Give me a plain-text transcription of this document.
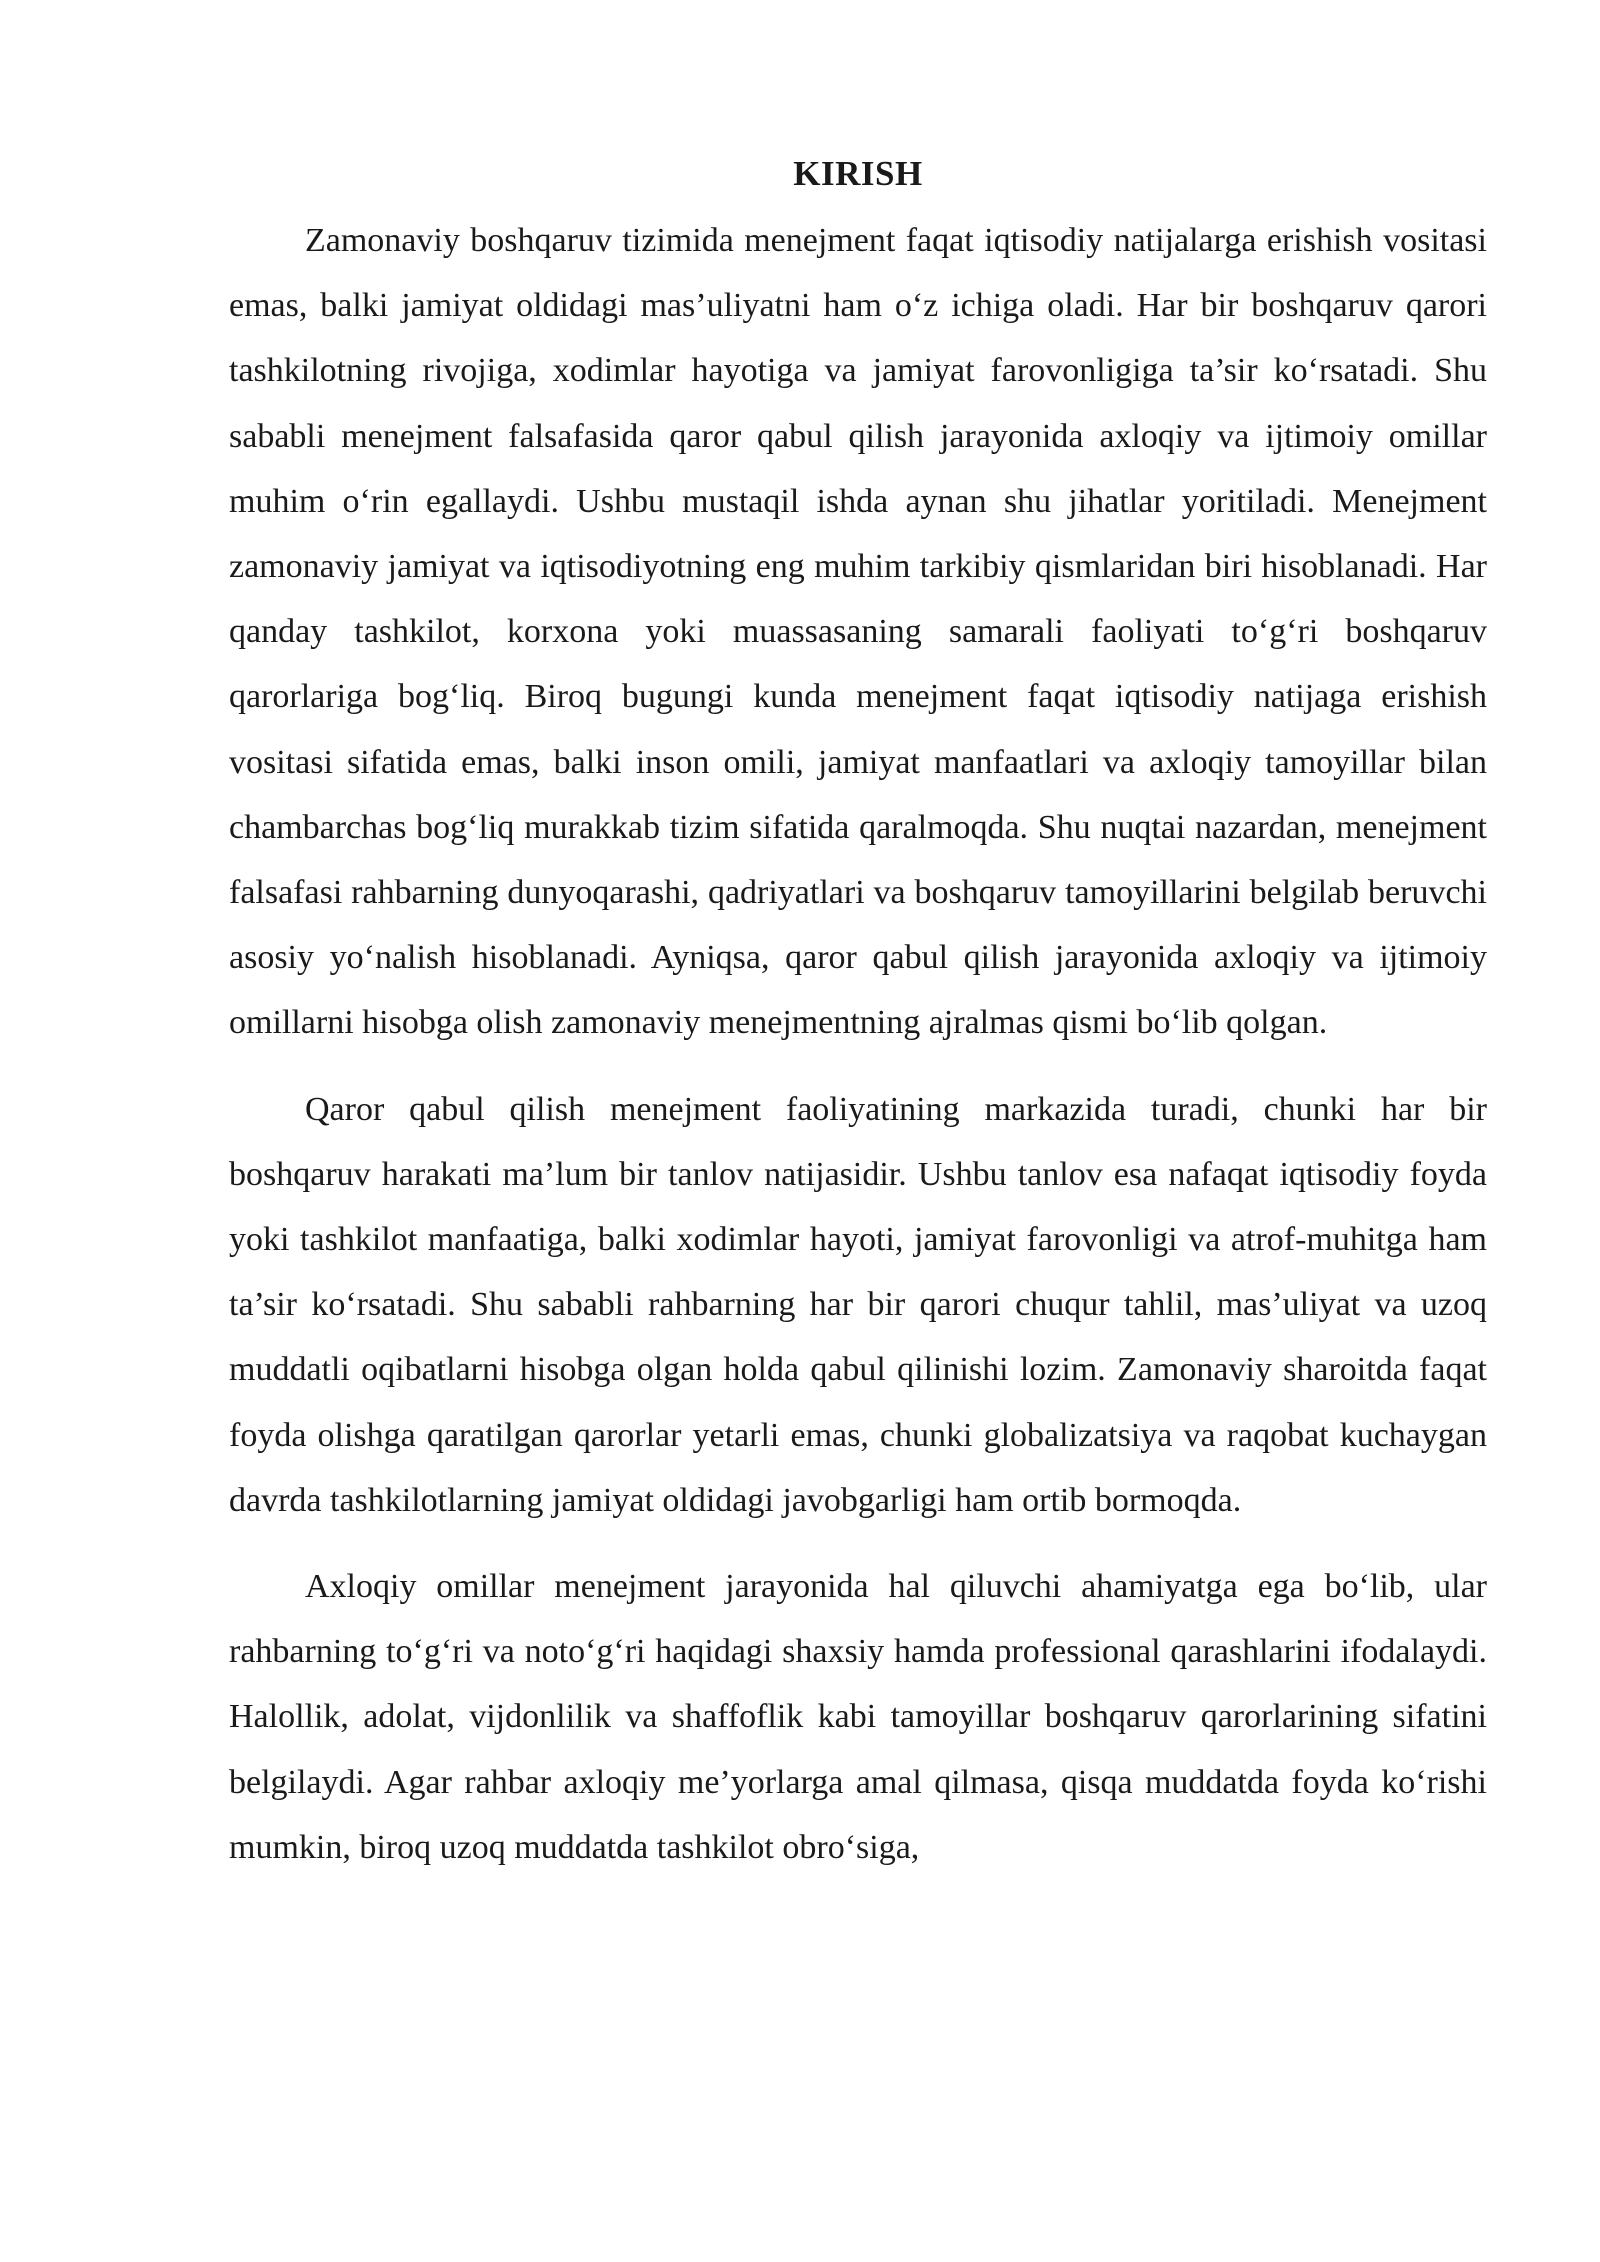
KIRISH

Zamonaviy boshqaruv tizimida menejment faqat iqtisodiy natijalarga erishish vositasi emas, balki jamiyat oldidagi mas’uliyatni ham o‘z ichiga oladi. Har bir boshqaruv qarori tashkilotning rivojiga, xodimlar hayotiga va jamiyat farovonligiga ta’sir ko‘rsatadi. Shu sababli menejment falsafasida qaror qabul qilish jarayonida axloqiy va ijtimoiy omillar muhim o‘rin egallaydi. Ushbu mustaqil ishda aynan shu jihatlar yoritiladi. Menejment zamonaviy jamiyat va iqtisodiyotning eng muhim tarkibiy qismlaridan biri hisoblanadi. Har qanday tashkilot, korxona yoki muassasaning samarali faoliyati to‘g‘ri boshqaruv qarorlariga bog‘liq. Biroq bugungi kunda menejment faqat iqtisodiy natijaga erishish vositasi sifatida emas, balki inson omili, jamiyat manfaatlari va axloqiy tamoyillar bilan chambarchas bog‘liq murakkab tizim sifatida qaralmoqda. Shu nuqtai nazardan, menejment falsafasi rahbarning dunyoqarashi, qadriyatlari va boshqaruv tamoyillarini belgilab beruvchi asosiy yo‘nalish hisoblanadi. Ayniqsa, qaror qabul qilish jarayonida axloqiy va ijtimoiy omillarni hisobga olish zamonaviy menejmentning ajralmas qismi bo‘lib qolgan.

Qaror qabul qilish menejment faoliyatining markazida turadi, chunki har bir boshqaruv harakati ma’lum bir tanlov natijasidir. Ushbu tanlov esa nafaqat iqtisodiy foyda yoki tashkilot manfaatiga, balki xodimlar hayoti, jamiyat farovonligi va atrof-muhitga ham ta’sir ko‘rsatadi. Shu sababli rahbarning har bir qarori chuqur tahlil, mas’uliyat va uzoq muddatli oqibatlarni hisobga olgan holda qabul qilinishi lozim. Zamonaviy sharoitda faqat foyda olishga qaratilgan qarorlar yetarli emas, chunki globalizatsiya va raqobat kuchaygan davrda tashkilotlarning jamiyat oldidagi javobgarligi ham ortib bormoqda.

Axloqiy omillar menejment jarayonida hal qiluvchi ahamiyatga ega bo‘lib, ular rahbarning to‘g‘ri va noto‘g‘ri haqidagi shaxsiy hamda professional qarashlarini ifodalaydi. Halollik, adolat, vijdonlilik va shaffoflik kabi tamoyillar boshqaruv qarorlarining sifatini belgilaydi. Agar rahbar axloqiy me’yorlarga amal qilmasa, qisqa muddatda foyda ko‘rishi mumkin, biroq uzoq muddatda tashkilot obro‘siga,
